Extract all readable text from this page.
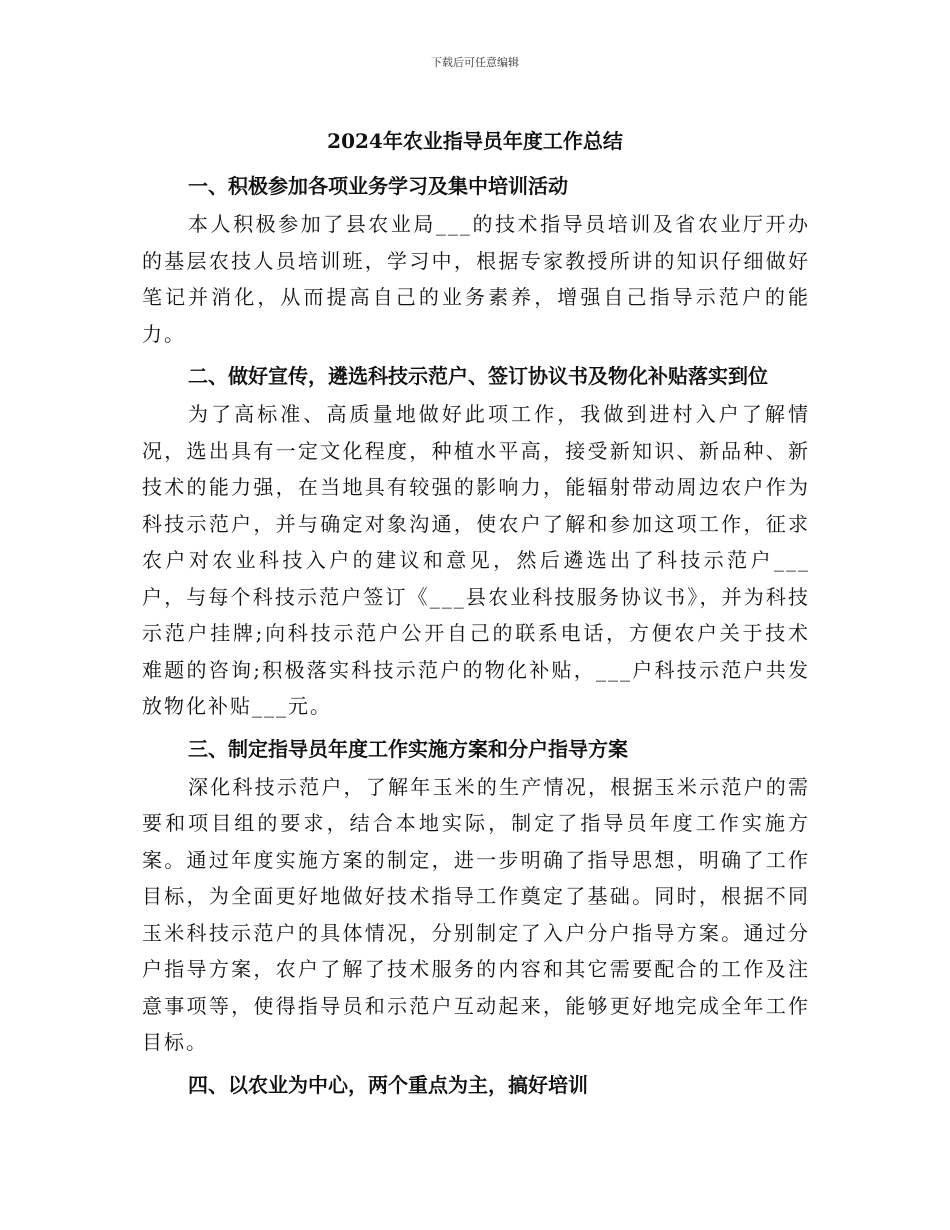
下载后可任意编辑
2024年农业指导员年度工作总结

一、积极参加各项业务学习及集中培训活动

本人积极参加了县农业局___的技术指导员培训及省农业厅开办的基层农技人员培训班，学习中，根据专家教授所讲的知识仔细做好笔记并消化，从而提高自己的业务素养，增强自己指导示范户的能力。

二、做好宣传，遴选科技示范户、签订协议书及物化补贴落实到位

为了高标准、高质量地做好此项工作，我做到进村入户了解情况，选出具有一定文化程度，种植水平高，接受新知识、新品种、新技术的能力强，在当地具有较强的影响力，能辐射带动周边农户作为科技示范户，并与确定对象沟通，使农户了解和参加这项工作，征求农户对农业科技入户的建议和意见，然后遴选出了科技示范户___户，与每个科技示范户签订《___县农业科技服务协议书》，并为科技示范户挂牌;向科技示范户公开自己的联系电话，方便农户关于技术难题的咨询;积极落实科技示范户的物化补贴，___户科技示范户共发放物化补贴___元。

三、制定指导员年度工作实施方案和分户指导方案

深化科技示范户，了解年玉米的生产情况，根据玉米示范户的需要和项目组的要求，结合本地实际，制定了指导员年度工作实施方案。通过年度实施方案的制定，进一步明确了指导思想，明确了工作目标，为全面更好地做好技术指导工作奠定了基础。同时，根据不同玉米科技示范户的具体情况，分别制定了入户分户指导方案。通过分户指导方案，农户了解了技术服务的内容和其它需要配合的工作及注意事项等，使得指导员和示范户互动起来，能够更好地完成全年工作目标。

四、以农业为中心，两个重点为主，搞好培训
